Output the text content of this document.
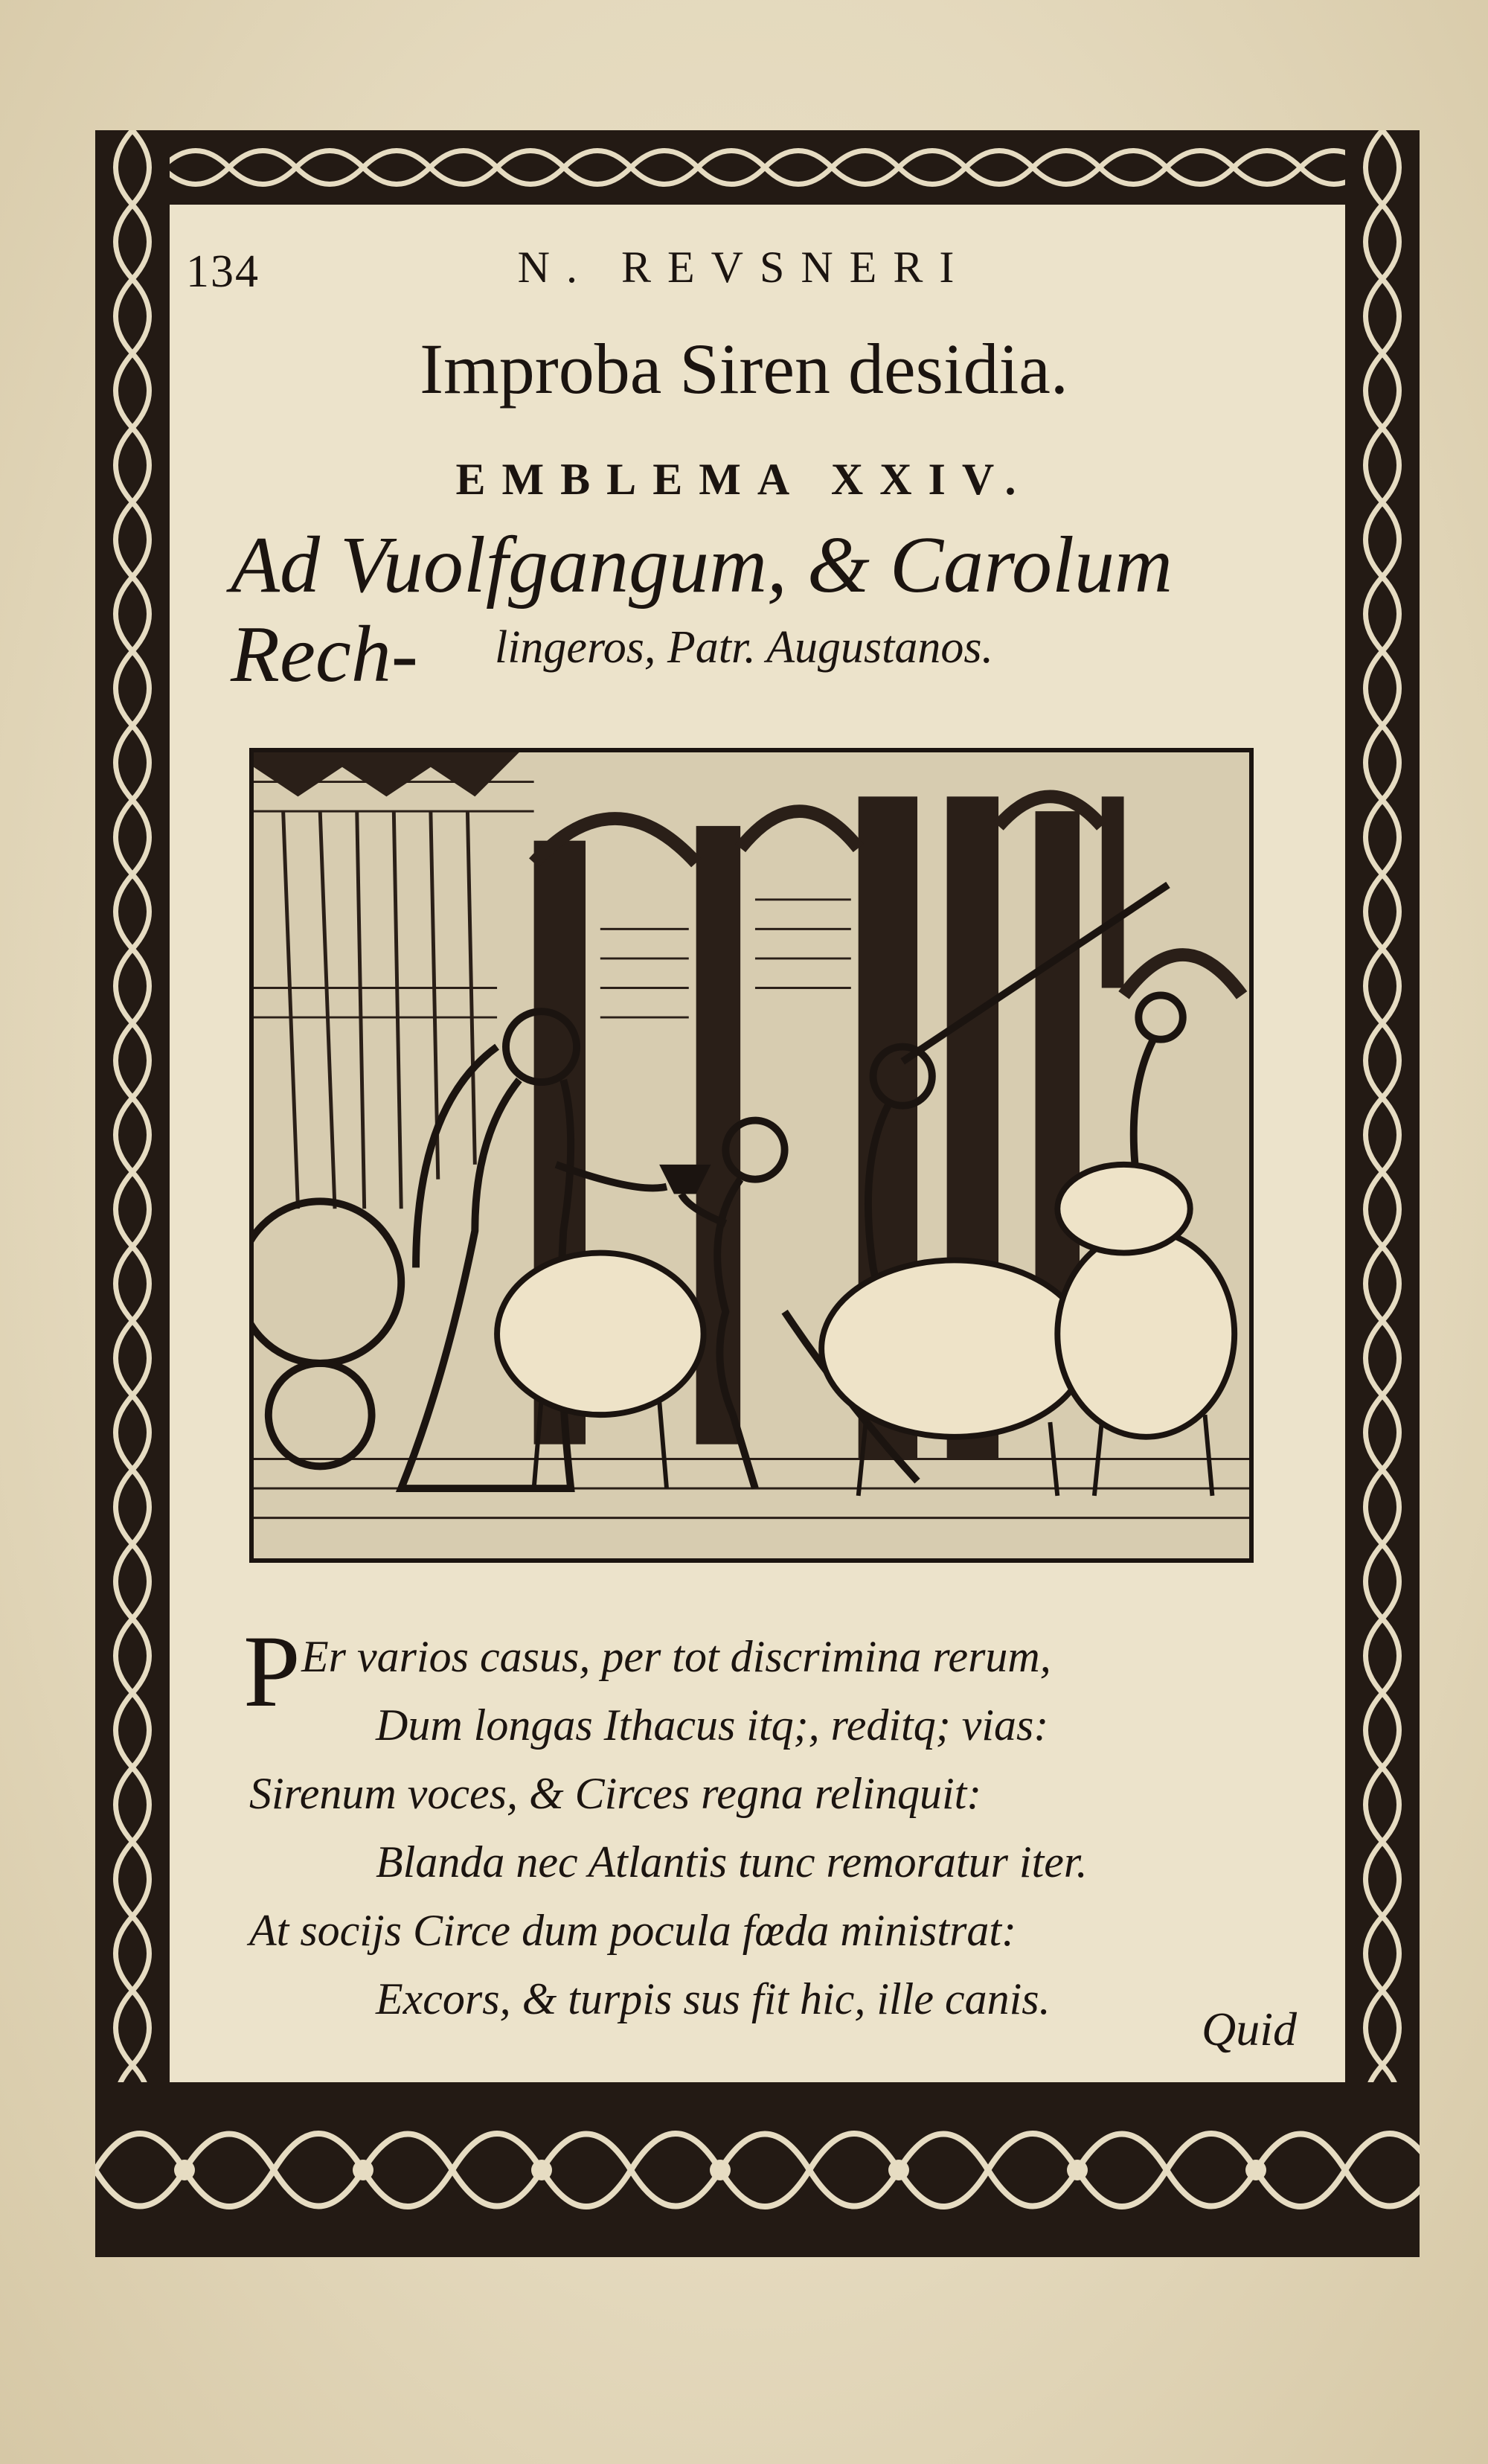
134	N. REVSNERI
Improba Siren desidia.
EMBLEMA XXIV.
Ad Vuolfgangum, & Carolum Rech-	lingeros, Patr. Augustanos.
P Er varios casus, per tot discrimina rerum,
Dum longas Ithacus itq;, reditq; vias:
Sirenum voces, & Circes regna relinquit:
Blanda nec Atlantis tunc remoratur iter.
At socijs Circe dum pocula fœda ministrat:
Excors, & turpis sus fit hic, ille canis.
Quid
